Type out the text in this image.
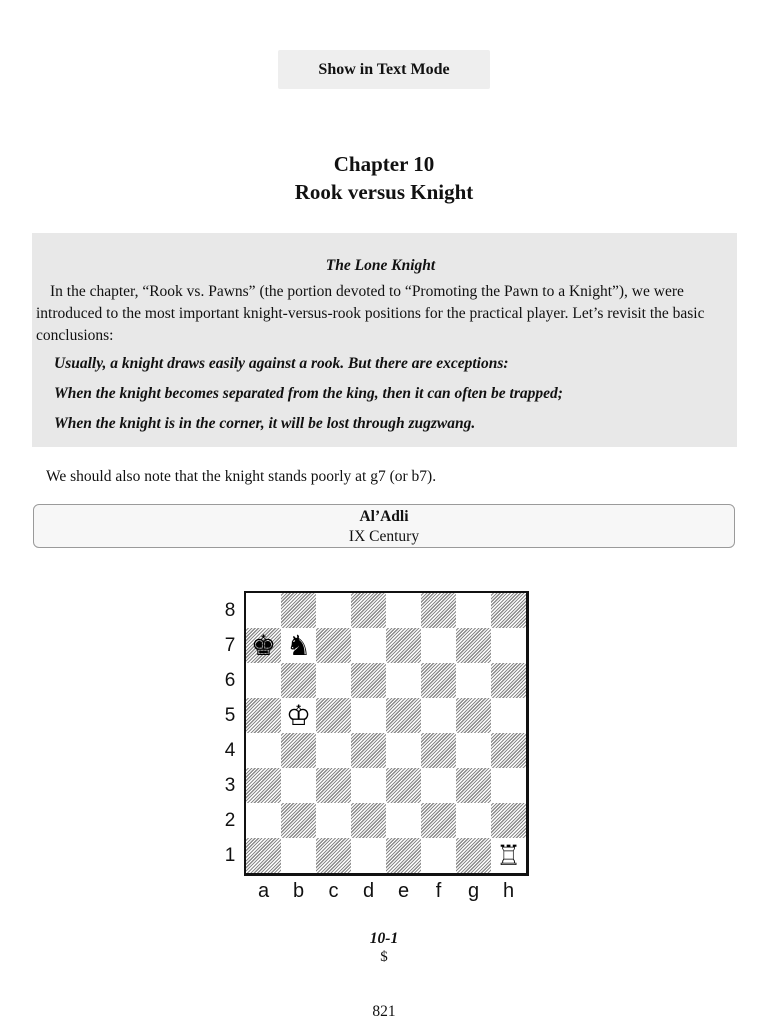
Show in Text Mode
Chapter 10
Rook versus Knight

The Lone Knight

In the chapter, “Rook vs. Pawns” (the portion devoted to “Promoting the Pawn to a Knight”), we were introduced to the most important knight-versus-rook positions for the practical player. Let’s revisit the basic conclusions:

Usually, a knight draws easily against a rook. But there are exceptions:

When the knight becomes separated from the king, then it can often be trapped;

When the knight is in the corner, it will be lost through zugzwang.

We should also note that the knight stands poorly at g7 (or b7).

Al’Adli
IX Century
♚ ♞
♔
♖
8
7
6
5
4
3
2
1
a	b	c	d	e	f	g	h

10-1

$

821
